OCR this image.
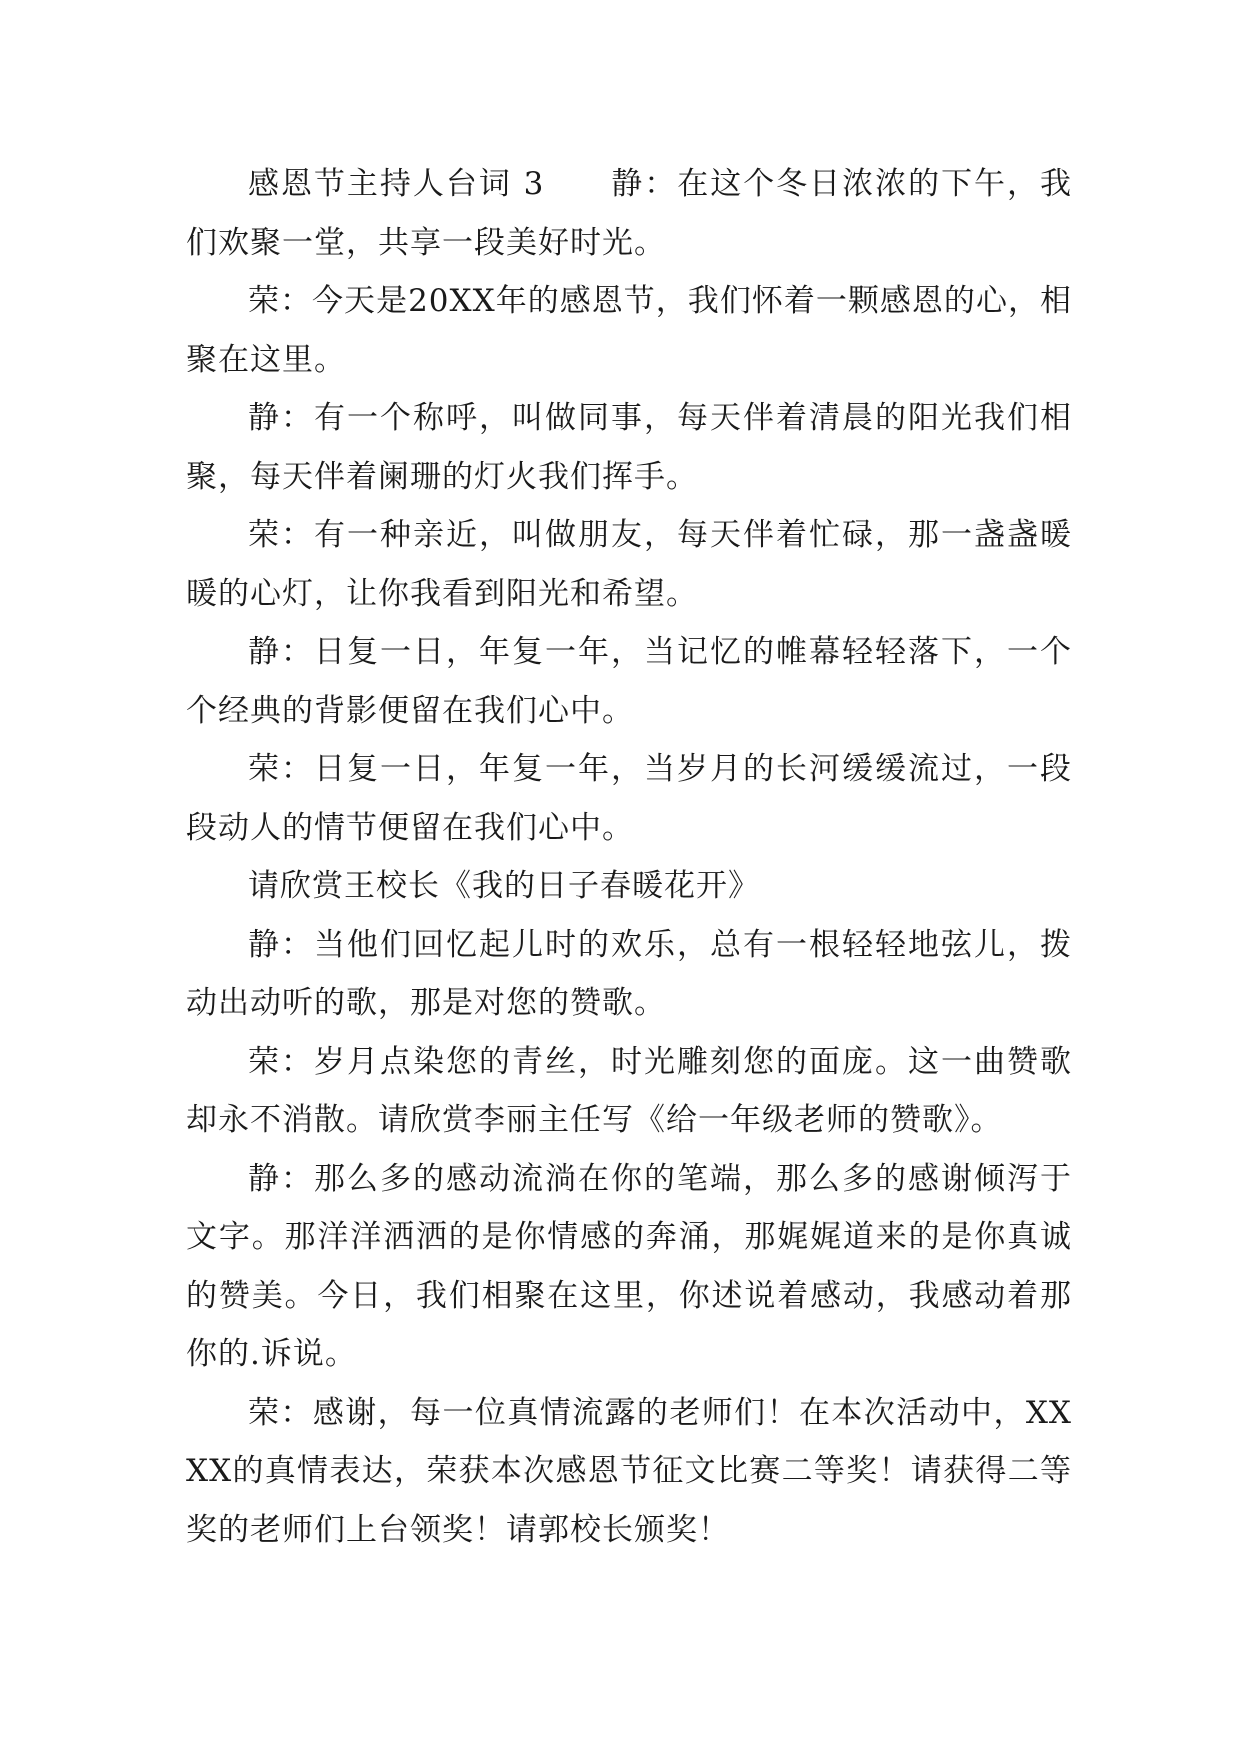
感恩节主持人台词 3　　静：在这个冬日浓浓的下午，我们欢聚一堂，共享一段美好时光。

荣：今天是20XX年的感恩节，我们怀着一颗感恩的心，相聚在这里。

静：有一个称呼，叫做同事，每天伴着清晨的阳光我们相聚，每天伴着阑珊的灯火我们挥手。

荣：有一种亲近，叫做朋友，每天伴着忙碌，那一盏盏暖暖的心灯，让你我看到阳光和希望。

静：日复一日，年复一年，当记忆的帷幕轻轻落下，一个个经典的背影便留在我们心中。

荣：日复一日，年复一年，当岁月的长河缓缓流过，一段段动人的情节便留在我们心中。

请欣赏王校长《我的日子春暖花开》

静：当他们回忆起儿时的欢乐，总有一根轻轻地弦儿，拨动出动听的歌，那是对您的赞歌。

荣：岁月点染您的青丝，时光雕刻您的面庞。这一曲赞歌却永不消散。请欣赏李丽主任写《给一年级老师的赞歌》。

静：那么多的感动流淌在你的笔端，那么多的感谢倾泻于文字。那洋洋洒洒的是你情感的奔涌，那娓娓道来的是你真诚的赞美。今日，我们相聚在这里，你述说着感动，我感动着那你的.诉说。

荣：感谢，每一位真情流露的老师们！在本次活动中，XXXX的真情表达，荣获本次感恩节征文比赛二等奖！请获得二等奖的老师们上台领奖！请郭校长颁奖！
